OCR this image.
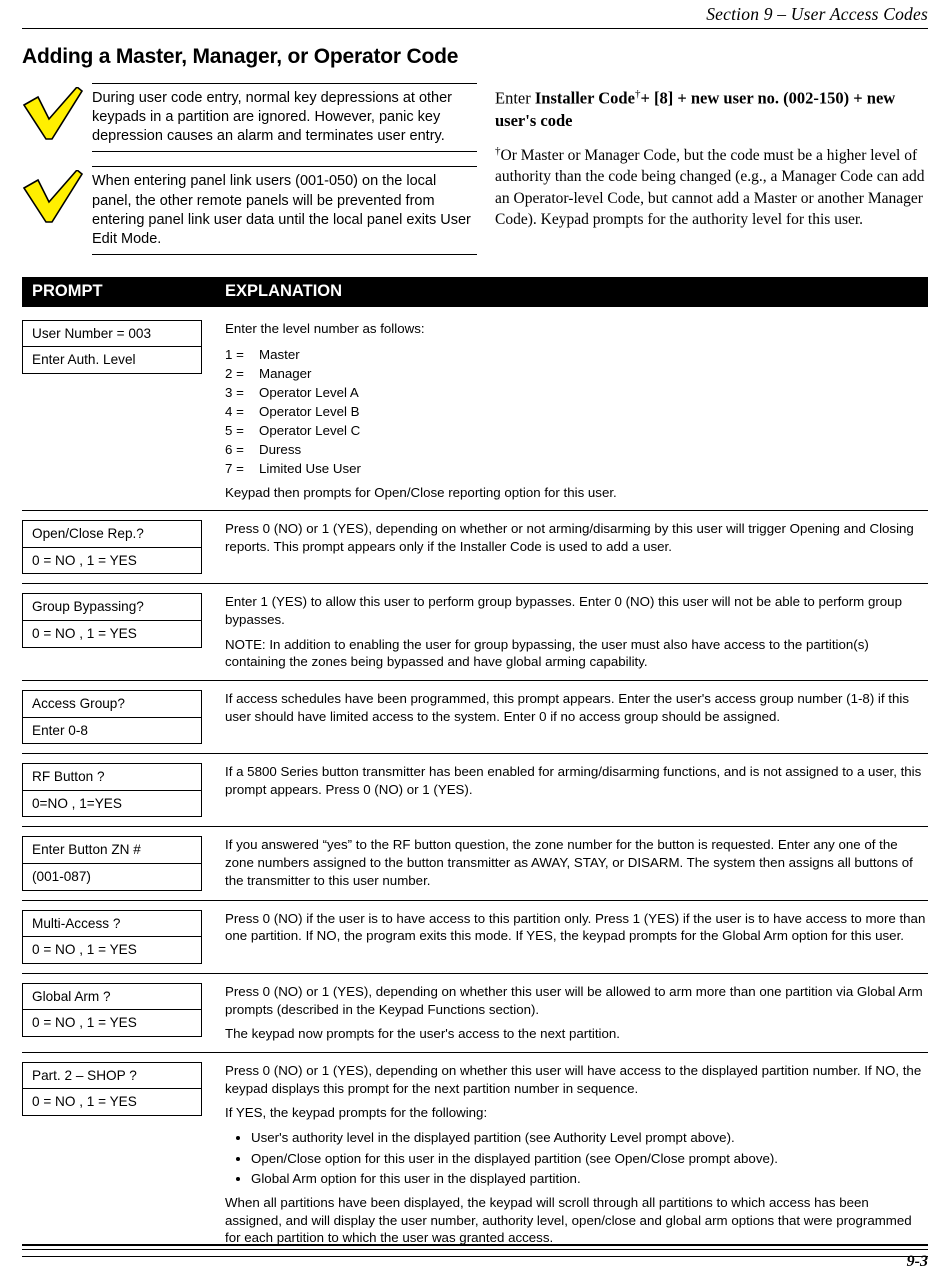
Section 9 – User Access Codes
Adding a Master, Manager, or Operator Code

During user code entry, normal key depressions at other keypads in a partition are ignored. However, panic key depression causes an alarm and terminates user entry.

When entering panel link users (001-050) on the local panel, the other remote panels will be prevented from entering panel link user data until the local panel exits User Edit Mode.

Enter Installer Code†+ [8] + new user no. (002-150) + new user's code

†Or Master or Manager Code, but the code must be a higher level of authority than the code being changed (e.g., a Manager Code can add an Operator-level Code, but cannot add a Master or another Manager Code). Keypad prompts for the authority level for this user.

PROMPT	EXPLANATION
User Number = 003
Enter Auth. Level

Enter the level number as follows:

1 =	Master
2 =	Manager
3 =	Operator Level A
4 =	Operator Level B
5 =	Operator Level C
6 =	Duress
7 =	Limited Use User

Keypad then prompts for Open/Close reporting option for this user.

Open/Close Rep.?
0 = NO , 1 = YES

Press 0 (NO) or 1 (YES), depending on whether or not arming/disarming by this user will trigger Opening and Closing reports. This prompt appears only if the Installer Code is used to add a user.

Group Bypassing?
0 = NO , 1 = YES

Enter 1 (YES) to allow this user to perform group bypasses. Enter 0 (NO) this user will not be able to perform group bypasses.

NOTE: In addition to enabling the user for group bypassing, the user must also have access to the partition(s) containing the zones being bypassed and have global arming capability.

Access Group?
Enter 0-8

If access schedules have been programmed, this prompt appears. Enter the user's access group number (1-8) if this user should have limited access to the system. Enter 0 if no access group should be assigned.

RF Button ?
0=NO , 1=YES

If a 5800 Series button transmitter has been enabled for arming/disarming functions, and is not assigned to a user, this prompt appears. Press 0 (NO) or 1 (YES).

Enter Button ZN #
(001-087)

If you answered “yes” to the RF button question, the zone number for the button is requested. Enter any one of the zone numbers assigned to the button transmitter as AWAY, STAY, or DISARM. The system then assigns all buttons of the transmitter to this user number.

Multi-Access ?
0 = NO , 1 = YES

Press 0 (NO) if the user is to have access to this partition only. Press 1 (YES) if the user is to have access to more than one partition. If NO, the program exits this mode. If YES, the keypad prompts for the Global Arm option for this user.

Global Arm ?
0 = NO , 1 = YES

Press 0 (NO) or 1 (YES), depending on whether this user will be allowed to arm more than one partition via Global Arm prompts (described in the Keypad Functions section).

The keypad now prompts for the user's access to the next partition.

Part. 2 – SHOP ?
0 = NO , 1 = YES

Press 0 (NO) or 1 (YES), depending on whether this user will have access to the displayed partition number. If NO, the keypad displays this prompt for the next partition number in sequence.

If YES, the keypad prompts for the following:

• User's authority level in the displayed partition (see Authority Level prompt above).
• Open/Close option for this user in the displayed partition (see Open/Close prompt above).
• Global Arm option for this user in the displayed partition.

When all partitions have been displayed, the keypad will scroll through all partitions to which access has been assigned, and will display the user number, authority level, open/close and global arm options that were programmed for each partition to which the user was granted access.

9-3
